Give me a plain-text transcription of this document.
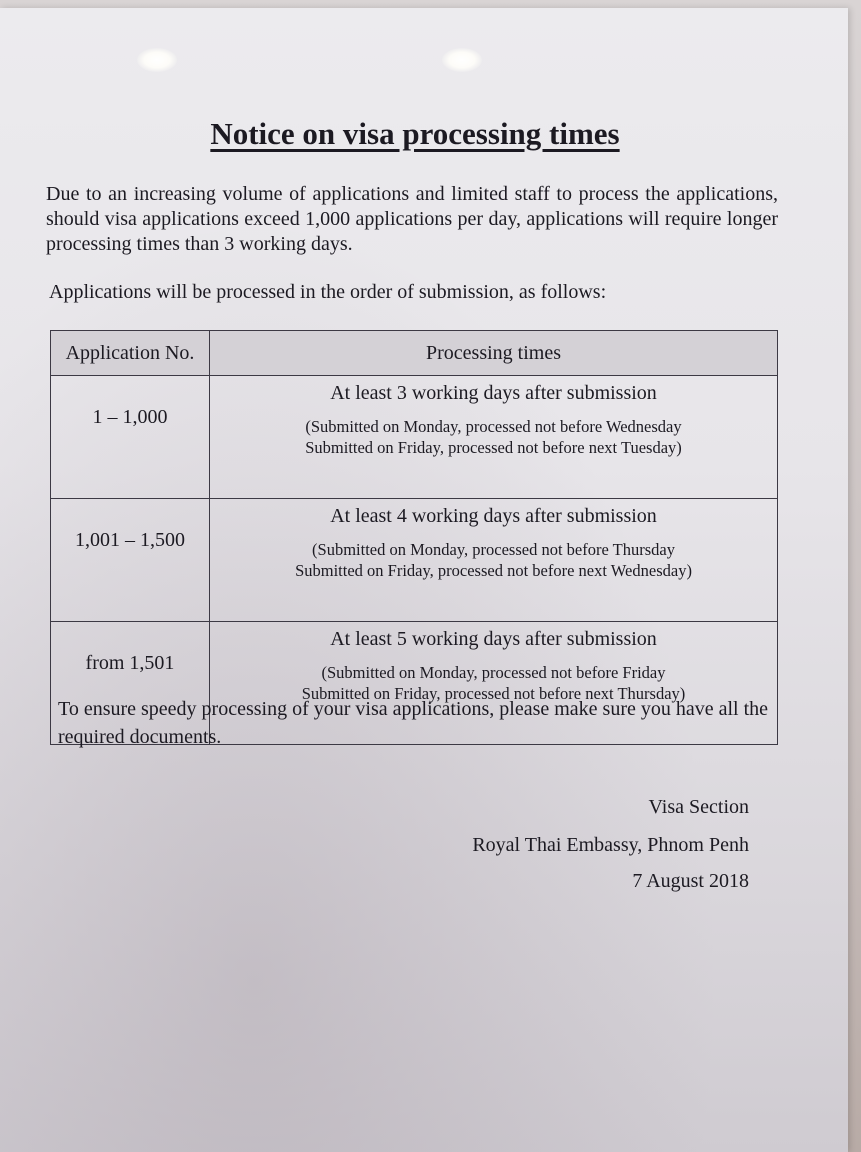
Notice on visa processing times

Due to an increasing volume of applications and limited staff to process the applications, should visa applications exceed 1,000 applications per day, applications will require longer processing times than 3 working days.

Applications will be processed in the order of submission, as follows:

Application No.	Processing times
1 – 1,000	At least 3 working days after submission
(Submitted on Monday, processed not before Wednesday
Submitted on Friday, processed not before next Tuesday)

1,001 – 1,500	At least 4 working days after submission
(Submitted on Monday, processed not before Thursday
Submitted on Friday, processed not before next Wednesday)

from 1,501	At least 5 working days after submission
(Submitted on Monday, processed not before Friday
Submitted on Friday, processed not before next Thursday)

To ensure speedy processing of your visa applications, please make sure you have all the required documents.

Visa Section

Royal Thai Embassy, Phnom Penh

7 August 2018
